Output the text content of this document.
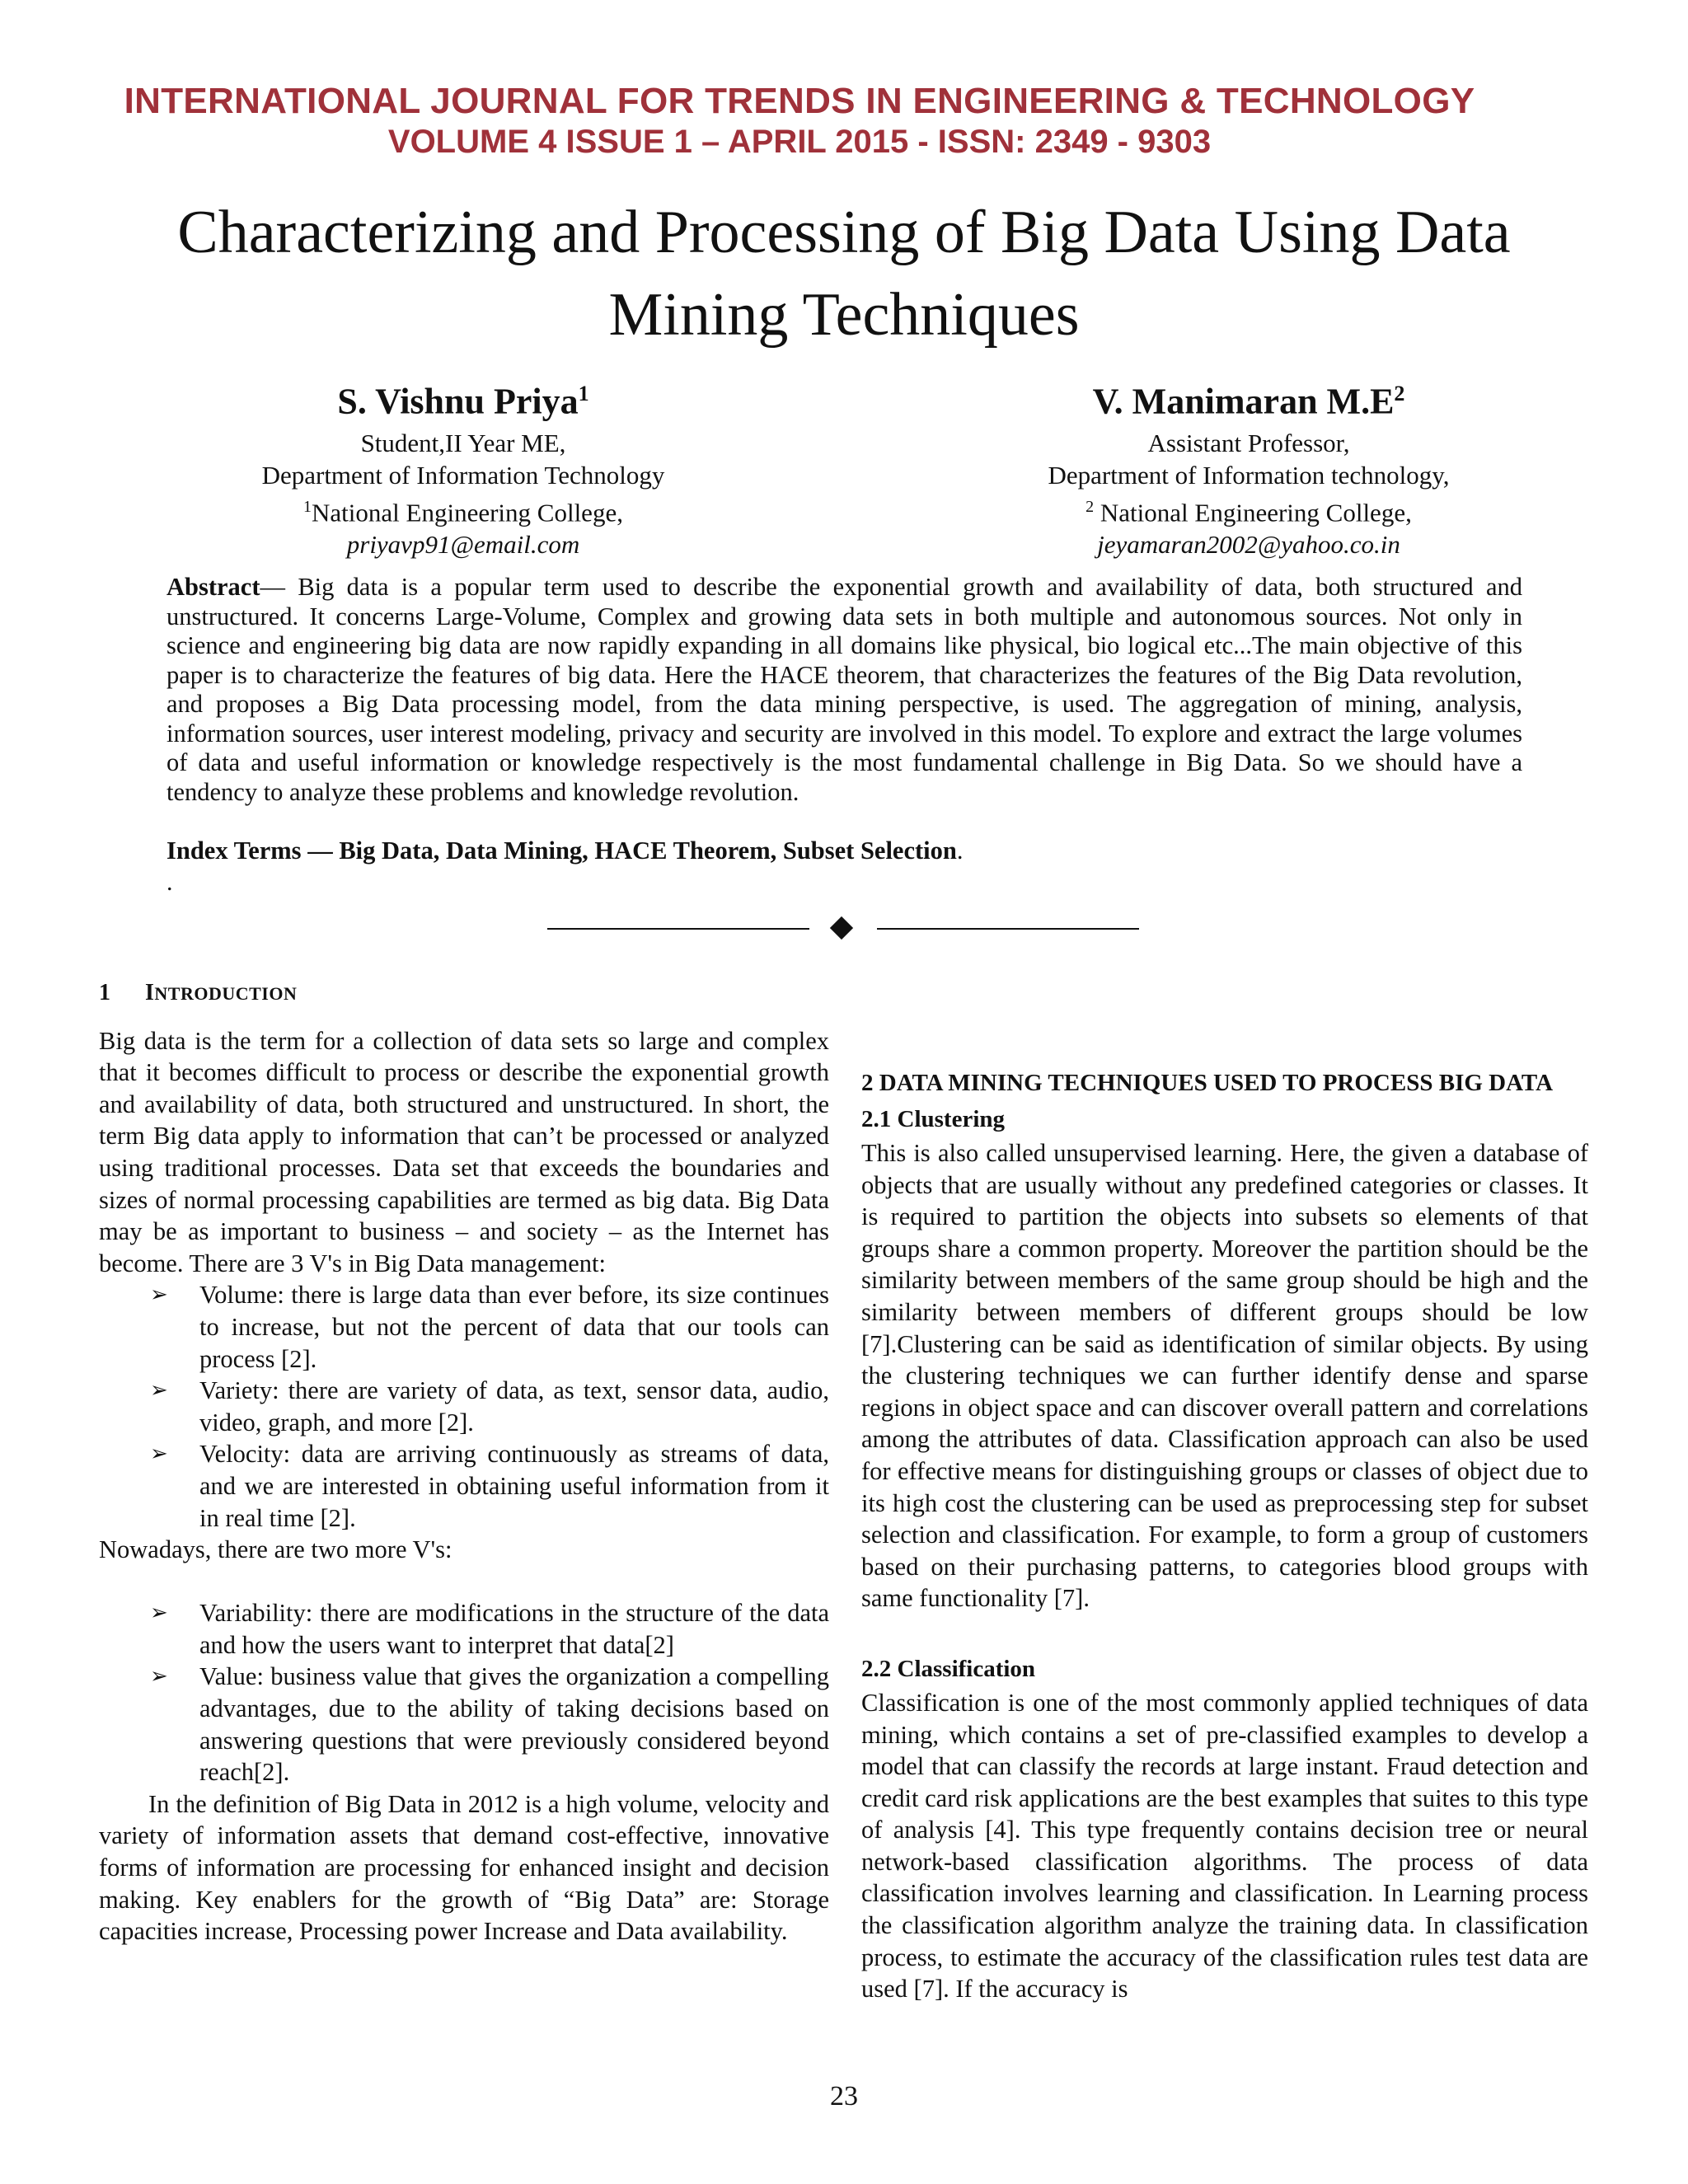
INTERNATIONAL JOURNAL FOR TRENDS IN ENGINEERING & TECHNOLOGY
VOLUME 4 ISSUE 1 – APRIL 2015 - ISSN: 2349 - 9303
Characterizing and Processing of Big Data Using Data Mining Techniques
S. Vishnu Priya$^1$
Student,II Year ME,
Department of Information Technology
$^1$National Engineering College,
priyavp91@email.com
V. Manimaran $M.E^2$
Assistant Professor,
Department of Information technology,
$^2$ National Engineering College,
jeyamaran2002@yahoo.co.in
Abstract— Big data is a popular term used to describe the exponential growth and availability of data, both structured and unstructured. It concerns Large-Volume, Complex and growing data sets in both multiple and autonomous sources. Not only in science and engineering big data are now rapidly expanding in all domains like physical, bio logical etc...The main objective of this paper is to characterize the features of big data. Here the HACE theorem, that characterizes the features of the Big Data revolution, and proposes a Big Data processing model, from the data mining perspective, is used. The aggregation of mining, analysis, information sources, user interest modeling, privacy and security are involved in this model. To explore and extract the large volumes of data and useful information or knowledge respectively is the most fundamental challenge in Big Data. So we should have a tendency to analyze these problems and knowledge revolution.
Index Terms — Big Data, Data Mining, HACE Theorem, Subset Selection.
.
1 INTRODUCTION

Big data is the term for a collection of data sets so large and complex that it becomes difficult to process or describe the exponential growth and availability of data, both structured and unstructured. In short, the term Big data apply to information that can’t be processed or analyzed using traditional processes. Data set that exceeds the boundaries and sizes of normal processing capabilities are termed as big data. Big Data may be as important to business – and society – as the Internet has become. There are 3 V's in Big Data management:

➢ Volume: there is large data than ever before, its size continues to increase, but not the percent of data that our tools can process [2].
➢ Variety: there are variety of data, as text, sensor data, audio, video, graph, and more [2].
➢ Velocity: data are arriving continuously as streams of data, and we are interested in obtaining useful information from it in real time [2].

Nowadays, there are two more V's:

➢ Variability: there are modifications in the structure of the data and how the users want to interpret that data[2]
➢ Value: business value that gives the organization a compelling advantages, due to the ability of taking decisions based on answering questions that were previously considered beyond reach[2].

In the definition of Big Data in 2012 is a high volume, velocity and variety of information assets that demand cost-effective, innovative forms of information are processing for enhanced insight and decision making. Key enablers for the growth of “Big Data” are: Storage capacities increase, Processing power Increase and Data availability.

2 DATA MINING TECHNIQUES USED TO PROCESS BIG DATA
2.1 Clustering

This is also called unsupervised learning. Here, the given a database of objects that are usually without any predefined categories or classes. It is required to partition the objects into subsets so elements of that groups share a common property. Moreover the partition should be the similarity between members of the same group should be high and the similarity between members of different groups should be low [7].Clustering can be said as identification of similar objects. By using the clustering techniques we can further identify dense and sparse regions in object space and can discover overall pattern and correlations among the attributes of data. Classification approach can also be used for effective means for distinguishing groups or classes of object due to its high cost the clustering can be used as preprocessing step for subset selection and classification. For example, to form a group of customers based on their purchasing patterns, to categories blood groups with same functionality [7].

2.2 Classification

Classification is one of the most commonly applied techniques of data mining, which contains a set of pre-classified examples to develop a model that can classify the records at large instant. Fraud detection and credit card risk applications are the best examples that suites to this type of analysis [4]. This type frequently contains decision tree or neural network-based classification algorithms. The process of data classification involves learning and classification. In Learning process the classification algorithm analyze the training data. In classification process, to estimate the accuracy of the classification rules test data are used [7]. If the accuracy is

23
